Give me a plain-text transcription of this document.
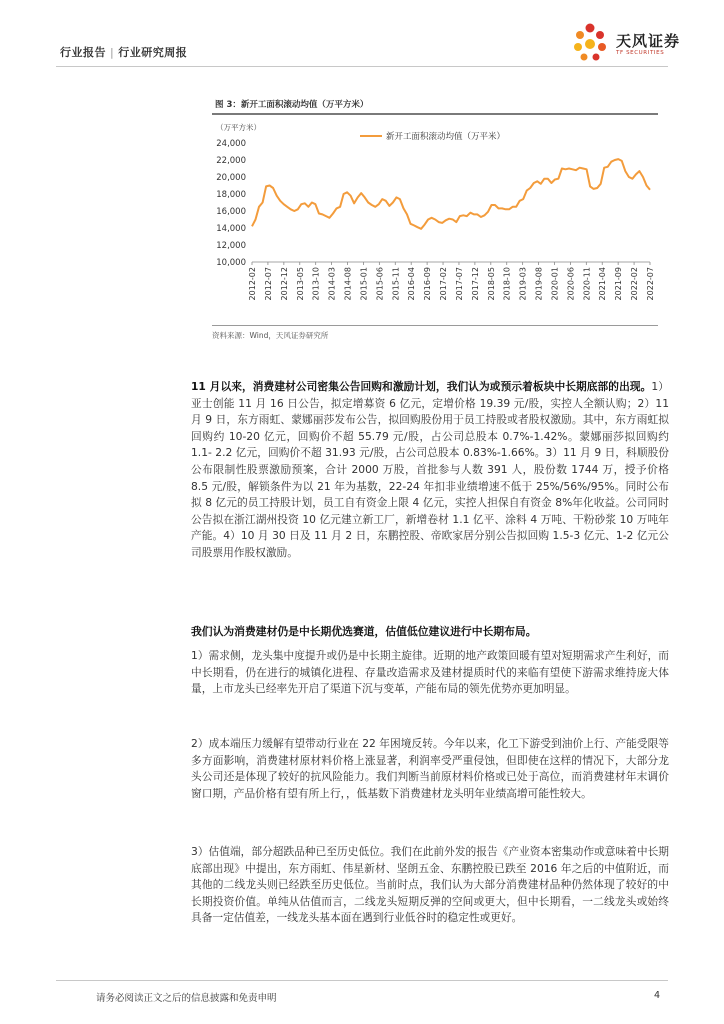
行业报告 | 行业研究周报
天风证券
TF SECURITIES
图 3：新开工面积滚动均值（万平方米）
（万平方米）
新开工面积滚动均值（万平米）
24,000
22,000
20,000
18,000
16,000
14,000
12,000
10,000
2012-02 2012-07 2012-12 2013-05 2013-10 2014-03 2014-08 2015-01 2015-06 2015-11 2016-04 2016-09 2017-02 2017-07 2017-12 2018-05 2018-10 2019-03 2019-08 2020-01 2020-06 2020-11 2021-04 2021-09 2022-02 2022-07
资料来源：Wind，天风证券研究所
11 月以来，消费建材公司密集公告回购和激励计划，我们认为或预示着板块中长期底部的出现。1）亚士创能 11 月 16 日公告，拟定增募资 6 亿元，定增价格 19.39 元/股，实控人全额认购；2）11 月 9 日，东方雨虹、蒙娜丽莎发布公告，拟回购股份用于员工持股或者股权激励。其中，东方雨虹拟回购约 10-20 亿元，回购价不超 55.79 元/股，占公司总股本 0.7%-1.42%。蒙娜丽莎拟回购约 1.1- 2.2 亿元，回购价不超 31.93 元/股，占公司总股本 0.83%-1.66%。3）11 月 9 日，科顺股份公布限制性股票激励预案，合计 2000 万股，首批参与人数 391 人，股份数 1744 万，授予价格 8.5 元/股，解锁条件为以 21 年为基数，22-24 年扣非业绩增速不低于 25%/56%/95%。同时公布拟 8 亿元的员工持股计划，员工自有资金上限 4 亿元，实控人担保自有资金 8%年化收益。公司同时公告拟在浙江湖州投资 10 亿元建立新工厂，新增卷材 1.1 亿平、涂料 4 万吨、干粉砂浆 10 万吨年产能。4）10 月 30 日及 11 月 2 日，东鹏控股、帝欧家居分别公告拟回购 1.5-3 亿元、1-2 亿元公司股票用作股权激励。
我们认为消费建材仍是中长期优选赛道，估值低位建议进行中长期布局。
1）需求侧，龙头集中度提升或仍是中长期主旋律。近期的地产政策回暖有望对短期需求产生利好，而中长期看，仍在进行的城镇化进程、存量改造需求及建材提质时代的来临有望使下游需求维持庞大体量，上市龙头已经率先开启了渠道下沉与变革，产能布局的领先优势亦更加明显。
2）成本端压力缓解有望带动行业在 22 年困境反转。今年以来，化工下游受到油价上行、产能受限等多方面影响，消费建材原材料价格上涨显著，利润率受严重侵蚀，但即使在这样的情况下，大部分龙头公司还是体现了较好的抗风险能力。我们判断当前原材料价格或已处于高位，而消费建材年末调价窗口期，产品价格有望有所上行，，低基数下消费建材龙头明年业绩高增可能性较大。
3）估值端，部分超跌品种已至历史低位。我们在此前外发的报告《产业资本密集动作或意味着中长期底部出现》中提出，东方雨虹、伟星新材、坚朗五金、东鹏控股已跌至 2016 年之后的中值附近，而其他的二线龙头则已经跌至历史低位。当前时点，我们认为大部分消费建材品种仍然体现了较好的中长期投资价值。单纯从估值而言，二线龙头短期反弹的空间或更大，但中长期看，一二线龙头或始终具备一定估值差，一线龙头基本面在遇到行业低谷时的稳定性或更好。
请务必阅读正文之后的信息披露和免责申明	4
